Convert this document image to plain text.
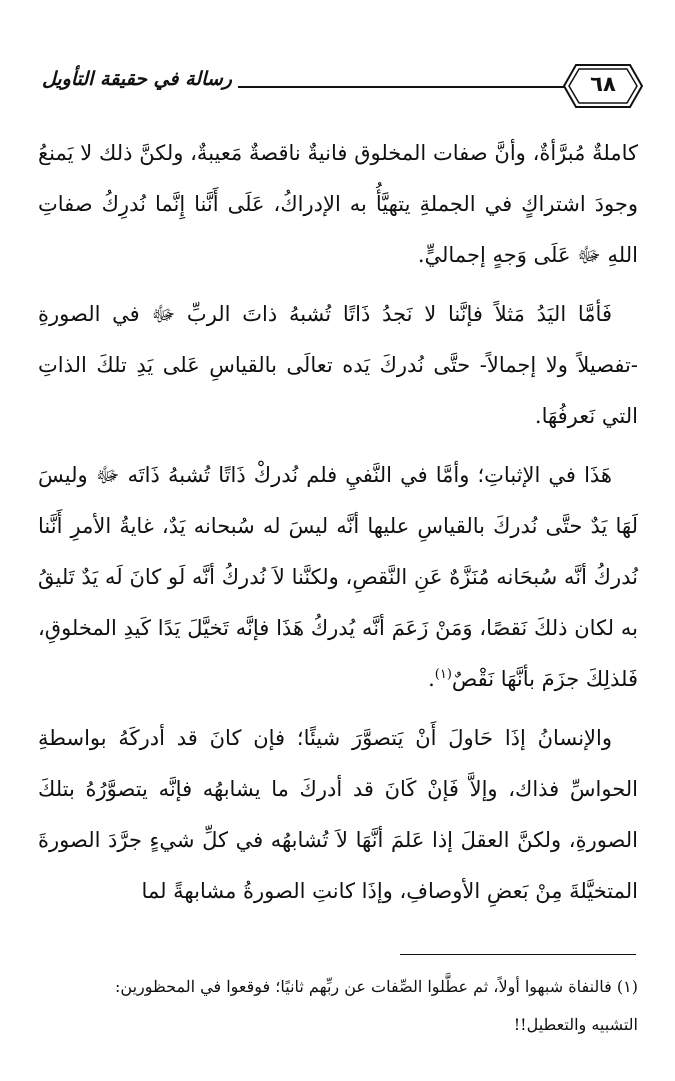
رسالة في حقيقة التأويل	٦٨

كاملةٌ مُبرَّأةٌ، وأنَّ صفات المخلوق فانيةٌ ناقصةٌ مَعيبةٌ، ولكنَّ ذلك لا يَمنعُ وجودَ اشتراكٍ في الجملةِ يتهيَّأُ به الإدراكُ، عَلَى أَنَّنا إِنَّما نُدرِكُ صفاتِ اللهِ ﷻ عَلَى وَجهٍ إجماليٍّ.

فَأمَّا اليَدُ مَثلاً فإنَّنا لا نَجدُ ذَاتًا تُشبهُ ذاتَ الربِّ ﷻ في الصورةِ -تفصيلاً ولا إجمالاً- حتَّى نُدركَ يَده تعالَى بالقياسِ عَلى يَدِ تلكَ الذاتِ التي نَعرفُهَا.

هَذَا في الإثباتِ؛ وأمَّا في النَّفيِ فلم نُدركْ ذَاتًا تُشبهُ ذَاتَه ﷻ وليسَ لَهَا يَدٌ حتَّى نُدركَ بالقياسِ عليها أنَّه ليسَ له سُبحانه يَدٌ، غايةُ الأمرِ أَنَّنا نُدركُ أنَّه سُبحَانه مُنَزَّهٌ عَنِ النَّقصِ، ولكنَّنا لاَ نُدركُ أنَّه لَو كانَ لَه يَدٌ تَليقُ به لكان ذلكَ نَقصًا، وَمَنْ زَعَمَ أنَّه يُدركُ هَذَا فإنَّه تَخيَّلَ يَدًا كَيدِ المخلوقِ، فَلذلِكَ جزَمَ بأنَّهَا نَقْصٌ$^{(١)}$.

والإنسانُ إذَا حَاولَ أَنْ يَتصوَّرَ شيئًا؛ فإن كانَ قد أدركَهُ بواسطةِ الحواسِّ فذاك، وإلاَّ فَإنْ كَانَ قد أدركَ ما يشابهُه فإنَّه يتصوَّرُهُ بتلكَ الصورةِ، ولكنَّ العقلَ إذا عَلمَ أنَّهَا لاَ تُشابهُه في كلِّ شيءٍ جرَّدَ الصورةَ المتخيَّلةَ مِنْ بَعضِ الأوصافِ، وإذَا كانتِ الصورةُ مشابهةً لما

(١) فالنفاة شبهوا أولاً، ثم عطَّلوا الصِّفات عن ربِّهم ثانيًا؛ فوقعوا في المحظورين:

التشبيه والتعطيل!!
